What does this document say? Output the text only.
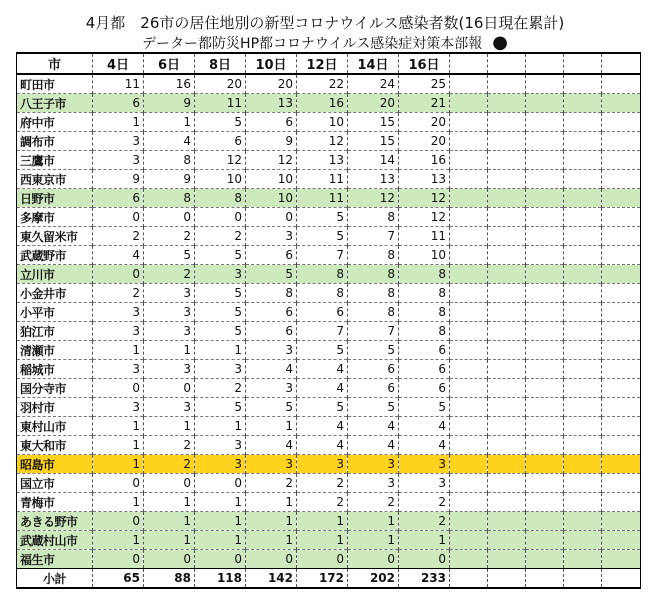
4月都　26市の居住地別の新型コロナウイルス感染者数(16日現在累計)
データー都防災HP都コロナウイルス感染症対策本部報 ●
市	4日	6日	8日	10日	12日	14日	16日					
町田市	11	16	20	20	22	24	25					
八王子市	6	9	11	13	16	20	21					
府中市	1	1	5	6	10	15	20					
調布市	3	4	6	9	12	15	20					
三鷹市	3	8	12	12	13	14	16					
西東京市	9	9	10	10	11	13	13					
日野市	6	8	8	10	11	12	12					
多摩市	0	0	0	0	5	8	12					
東久留米市	2	2	2	3	5	7	11					
武蔵野市	4	5	5	6	7	8	10					
立川市	0	2	3	5	8	8	8					
小金井市	2	3	5	8	8	8	8					
小平市	3	3	5	6	6	8	8					
狛江市	3	3	5	6	7	7	8					
清瀬市	1	1	1	3	5	5	6					
稲城市	3	3	3	4	4	6	6					
国分寺市	0	0	2	3	4	6	6					
羽村市	3	3	5	5	5	5	5					
東村山市	1	1	1	1	4	4	4					
東大和市	1	2	3	4	4	4	4					
昭島市	1	2	3	3	3	3	3					
国立市	0	0	0	2	2	3	3					
青梅市	1	1	1	1	2	2	2					
あきる野市	0	1	1	1	1	1	2					
武蔵村山市	1	1	1	1	1	1	1					
福生市	0	0	0	0	0	0	0					
小計	65	88	118	142	172	202	233					
